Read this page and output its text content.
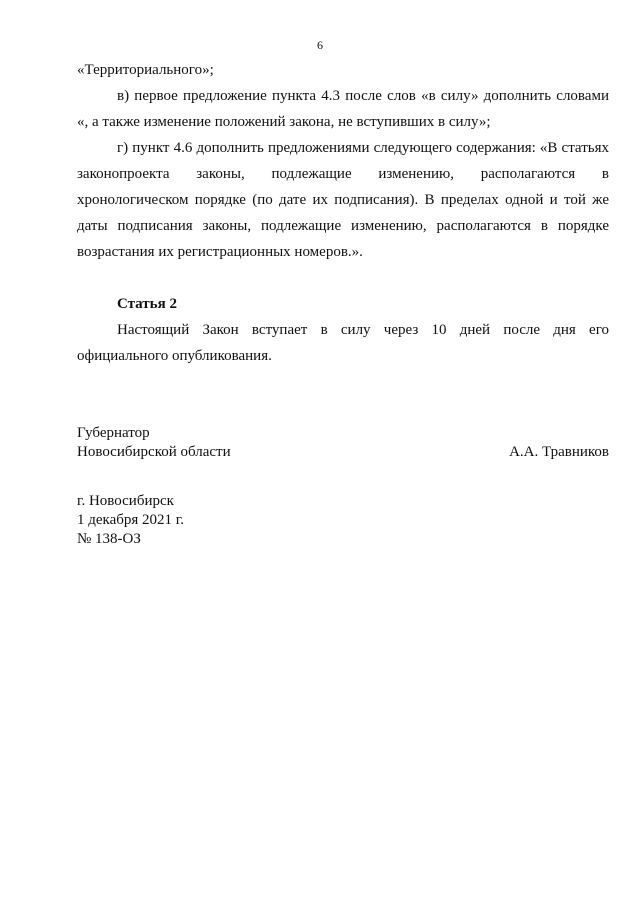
6

«Территориального»;

в) первое предложение пункта 4.3 после слов «в силу» дополнить словами «, а также изменение положений закона, не вступивших в силу»;

г) пункт 4.6 дополнить предложениями следующего содержания: «В статьях законопроекта законы, подлежащие изменению, располагаются в хронологическом порядке (по дате их подписания). В пределах одной и той же даты подписания законы, подлежащие изменению, располагаются в порядке возрастания их регистрационных номеров.».

Статья 2

Настоящий Закон вступает в силу через 10 дней после дня его официального опубликования.

Губернатор
Новосибирской области	А.А. Травников
г. Новосибирск
1 декабря 2021 г.
№ 138-ОЗ
